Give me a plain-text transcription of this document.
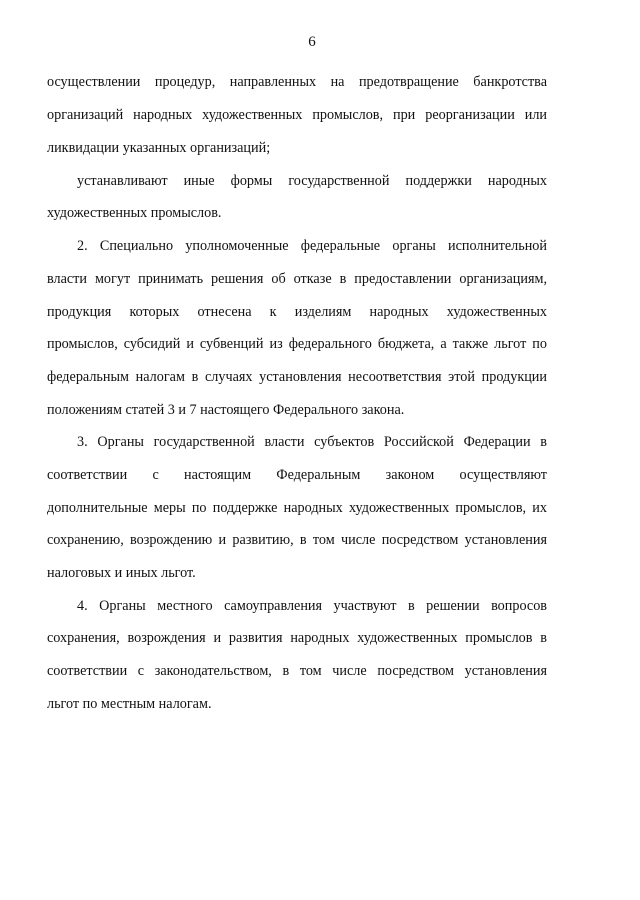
6
осуществлении процедур, направленных на предотвращение банкротства
организаций народных художественных промыслов, при реорганизации или
ликвидации указанных организаций;
устанавливают иные формы государственной поддержки народных
художественных промыслов.
2. Специально уполномоченные федеральные органы исполнительной
власти могут принимать решения об отказе в предоставлении организациям,
продукция которых отнесена к изделиям народных художественных
промыслов, субсидий и субвенций из федерального бюджета, а также льгот по
федеральным налогам в случаях установления несоответствия этой продукции
положениям статей 3 и 7 настоящего Федерального закона.
3. Органы государственной власти субъектов Российской Федерации в
соответствии с настоящим Федеральным законом осуществляют
дополнительные меры по поддержке народных художественных промыслов, их
сохранению, возрождению и развитию, в том числе посредством установления
налоговых и иных льгот.
4. Органы местного самоуправления участвуют в решении вопросов
сохранения, возрождения и развития народных художественных промыслов в
соответствии с законодательством, в том числе посредством установления
льгот по местным налогам.
